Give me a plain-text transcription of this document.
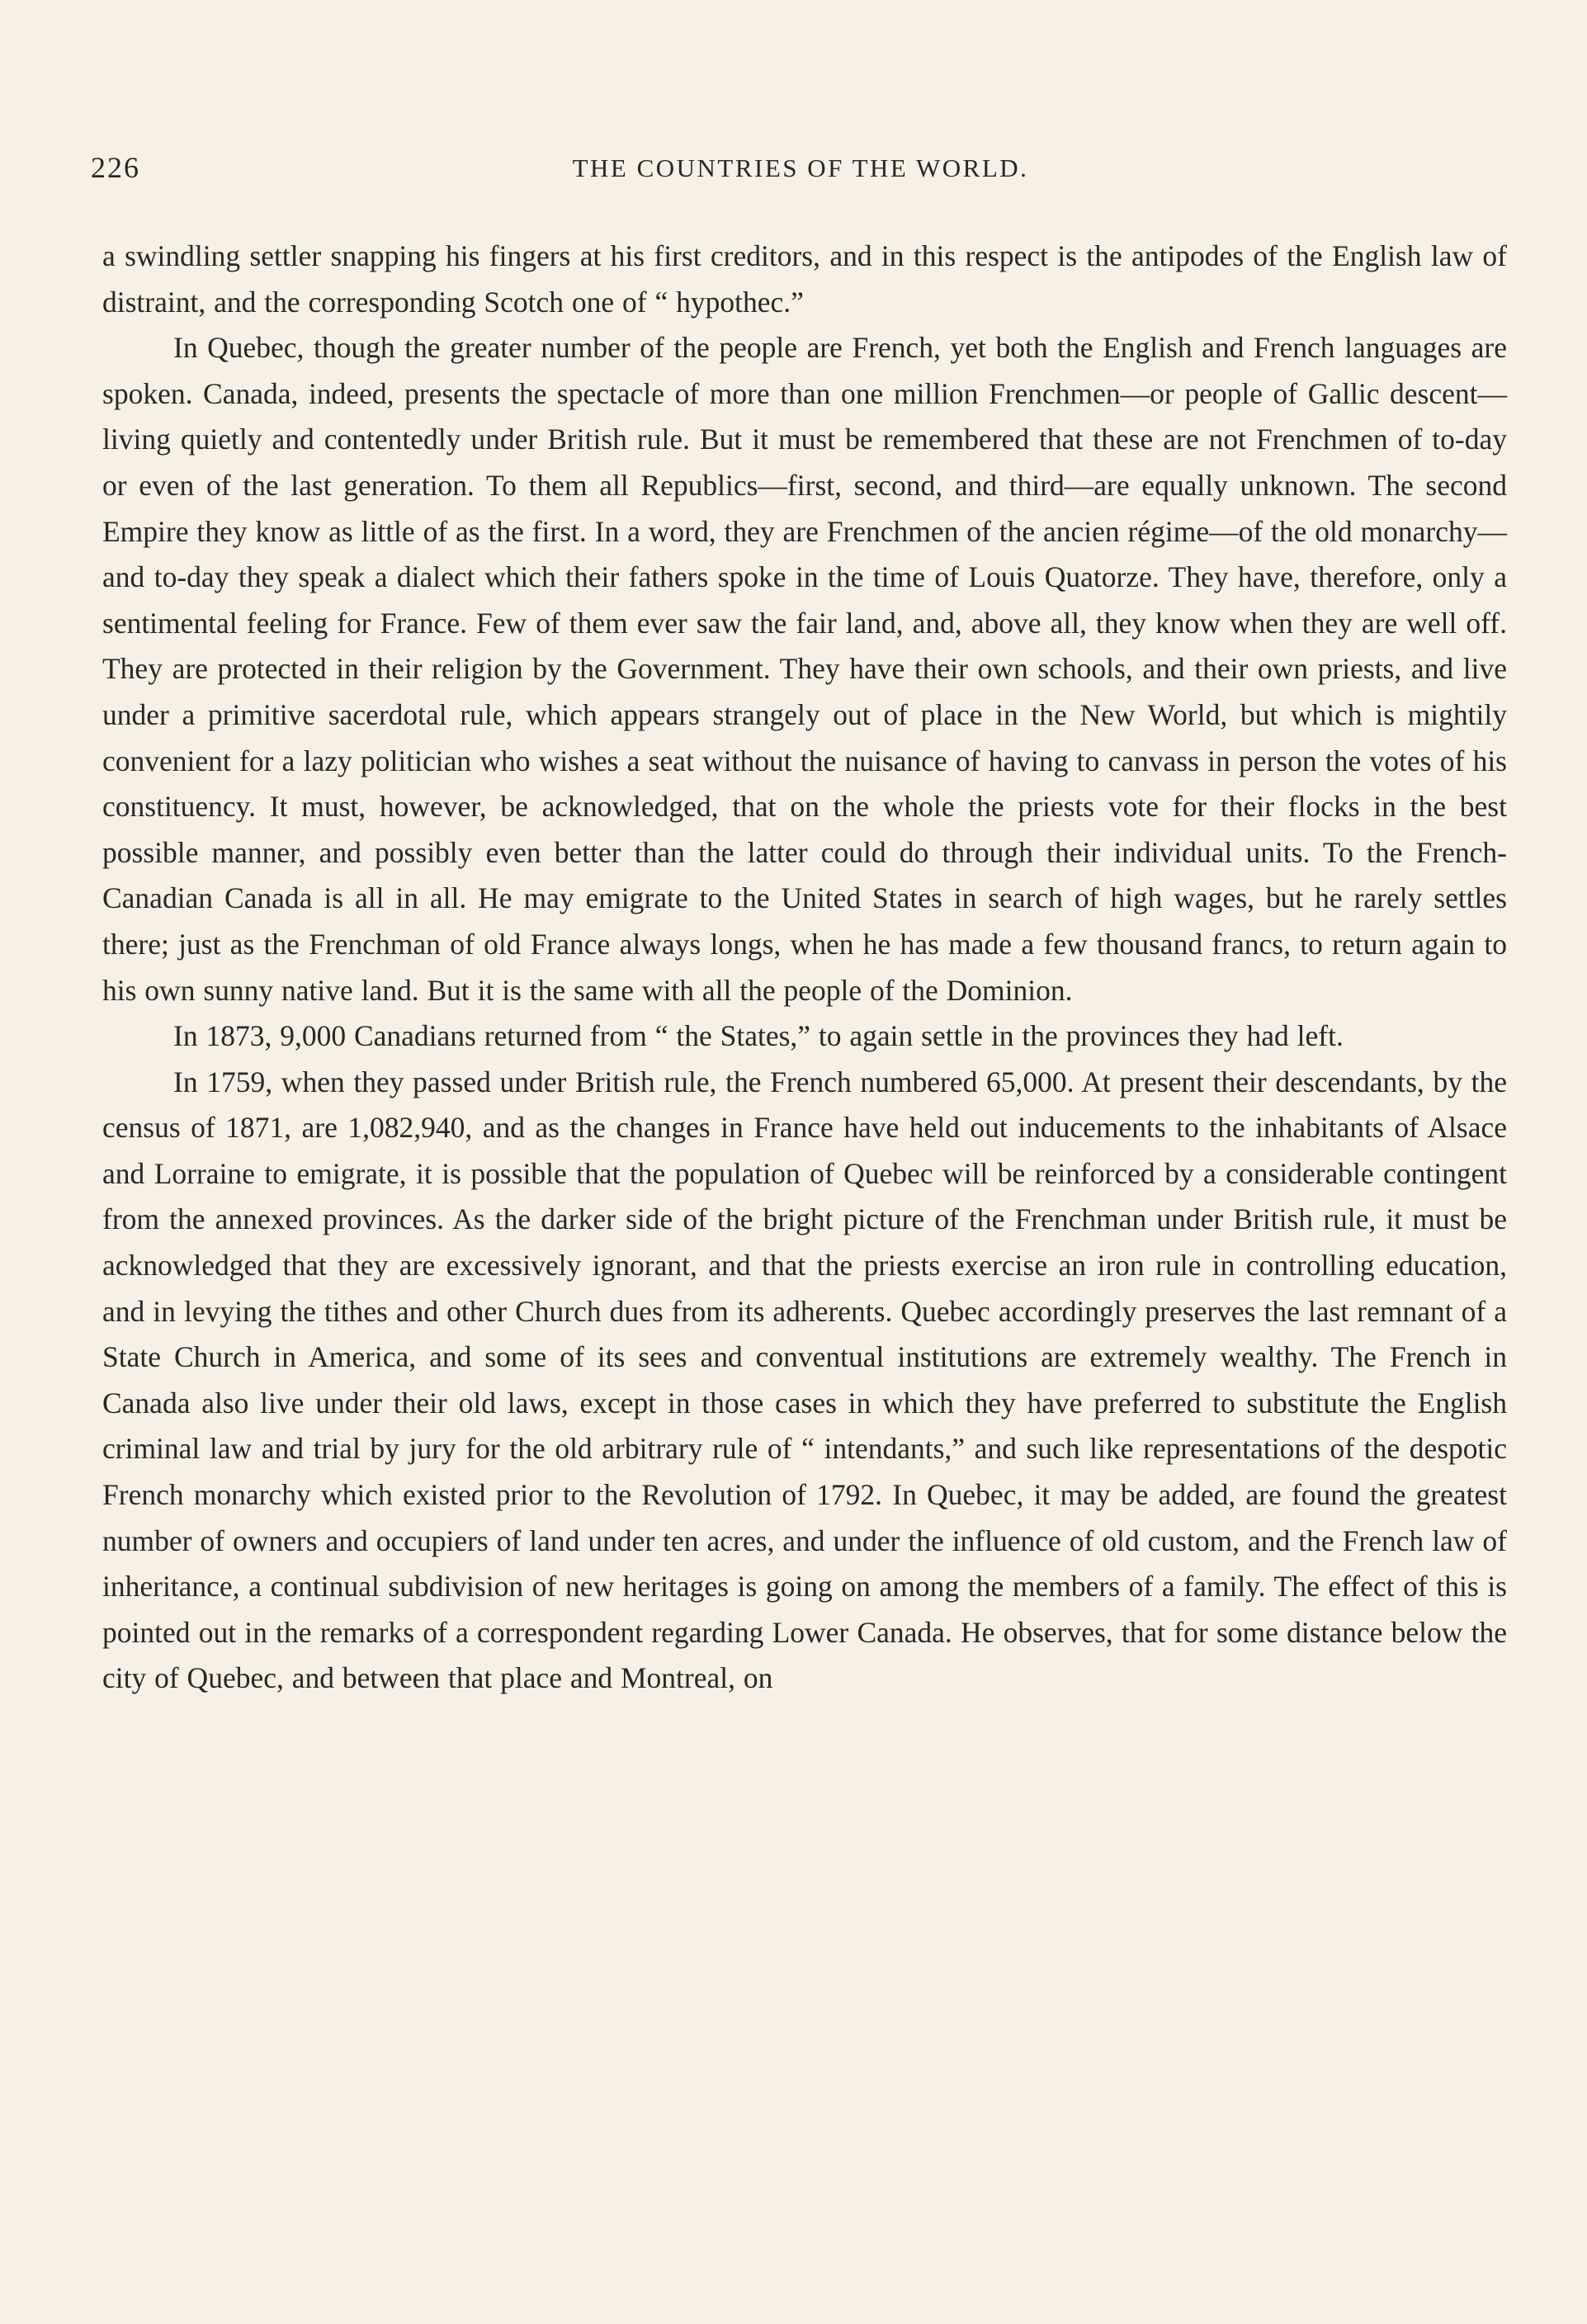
226	THE COUNTRIES OF THE WORLD.

a swindling settler snapping his fingers at his first creditors, and in this respect is the antipodes of the English law of distraint, and the corresponding Scotch one of “ hypothec.”

In Quebec, though the greater number of the people are French, yet both the English and French languages are spoken. Canada, indeed, presents the spectacle of more than one million Frenchmen—or people of Gallic descent—living quietly and contentedly under British rule. But it must be remembered that these are not Frenchmen of to-day or even of the last generation. To them all Republics—first, second, and third—are equally unknown. The second Empire they know as little of as the first. In a word, they are Frenchmen of the ancien régime—of the old monarchy—and to-day they speak a dialect which their fathers spoke in the time of Louis Quatorze. They have, therefore, only a sentimental feeling for France. Few of them ever saw the fair land, and, above all, they know when they are well off. They are protected in their religion by the Government. They have their own schools, and their own priests, and live under a primitive sacerdotal rule, which appears strangely out of place in the New World, but which is mightily convenient for a lazy politician who wishes a seat without the nuisance of having to canvass in person the votes of his constituency. It must, however, be acknowledged, that on the whole the priests vote for their flocks in the best possible manner, and possibly even better than the latter could do through their individual units. To the French-Canadian Canada is all in all. He may emigrate to the United States in search of high wages, but he rarely settles there; just as the Frenchman of old France always longs, when he has made a few thousand francs, to return again to his own sunny native land. But it is the same with all the people of the Dominion.

In 1873, 9,000 Canadians returned from “ the States,” to again settle in the provinces they had left.

In 1759, when they passed under British rule, the French numbered 65,000. At present their descendants, by the census of 1871, are 1,082,940, and as the changes in France have held out inducements to the inhabitants of Alsace and Lorraine to emigrate, it is possible that the population of Quebec will be reinforced by a considerable contingent from the annexed provinces. As the darker side of the bright picture of the Frenchman under British rule, it must be acknowledged that they are excessively ignorant, and that the priests exercise an iron rule in controlling education, and in levying the tithes and other Church dues from its adherents. Quebec accordingly preserves the last remnant of a State Church in America, and some of its sees and conventual institutions are extremely wealthy. The French in Canada also live under their old laws, except in those cases in which they have preferred to substitute the English criminal law and trial by jury for the old arbitrary rule of “ intendants,” and such like representations of the despotic French monarchy which existed prior to the Revolution of 1792. In Quebec, it may be added, are found the greatest number of owners and occupiers of land under ten acres, and under the influence of old custom, and the French law of inheritance, a continual subdivision of new heritages is going on among the members of a family. The effect of this is pointed out in the remarks of a correspondent regarding Lower Canada. He observes, that for some distance below the city of Quebec, and between that place and Montreal, on
